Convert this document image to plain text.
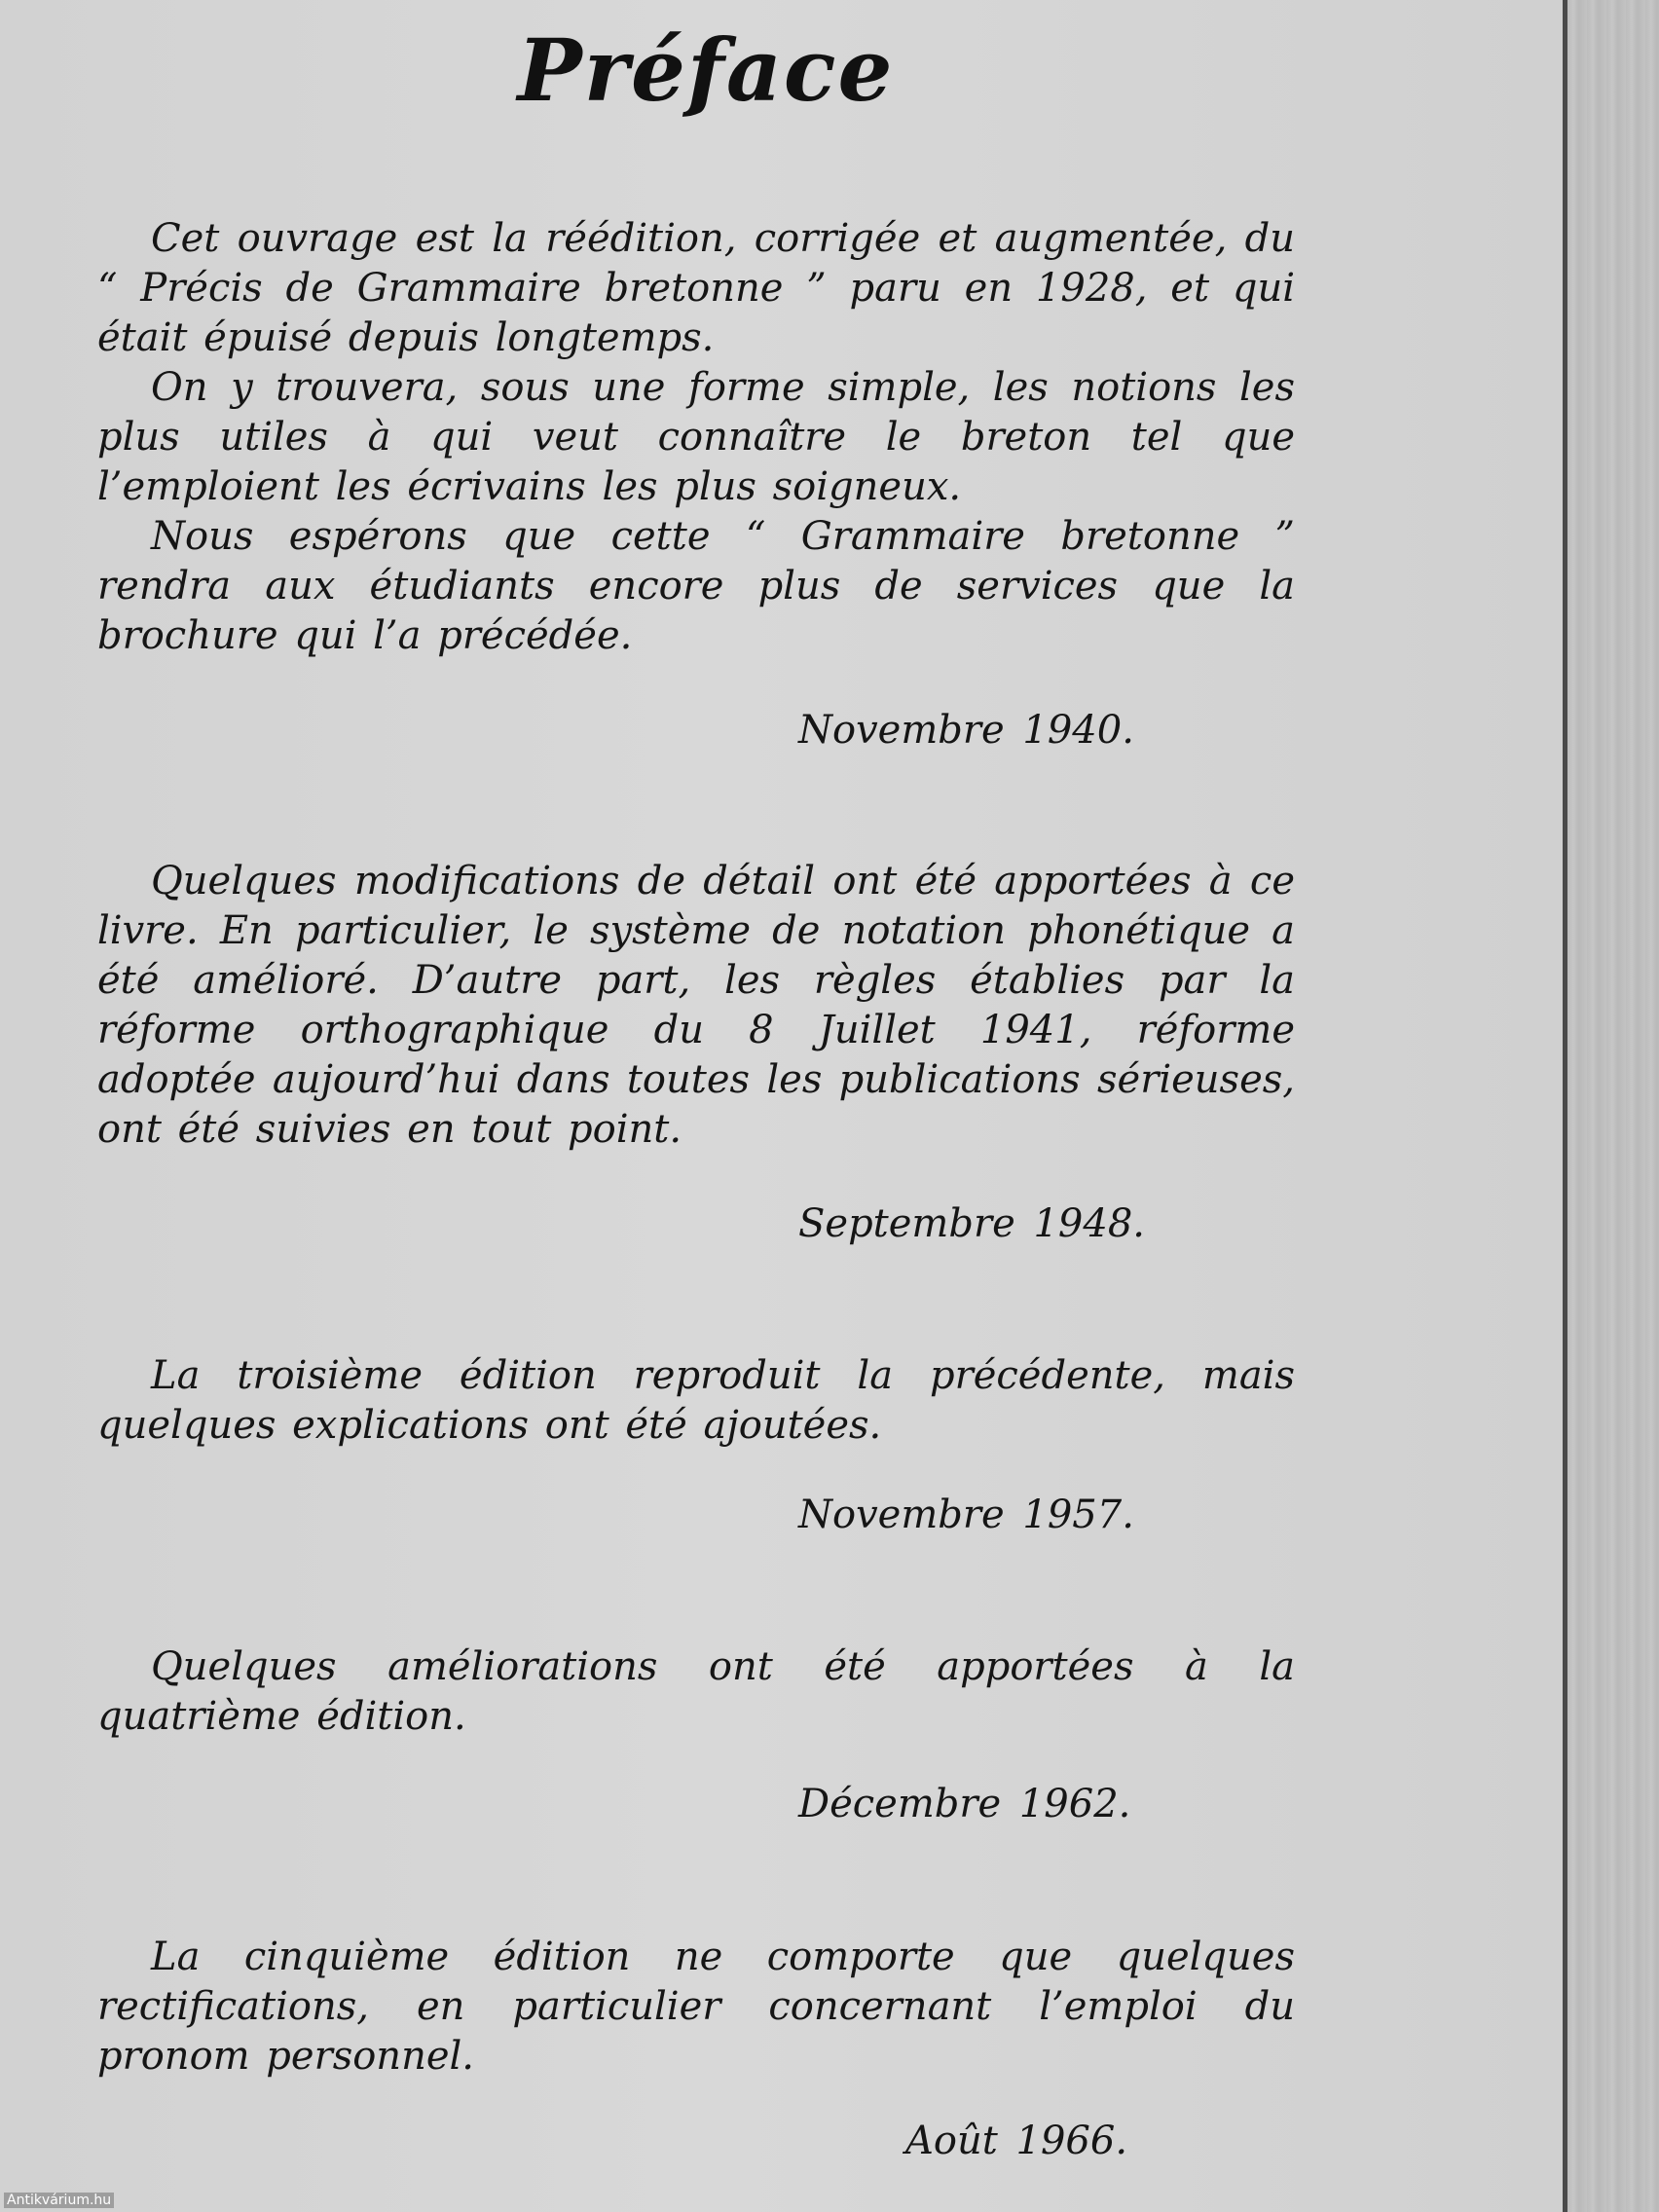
Préface

Cet ouvrage est la réédition, corrigée et augmentée, du “ Précis de Grammaire bretonne ” paru en 1928, et qui était épuisé depuis longtemps.

On y trouvera, sous une forme simple, les notions les plus utiles à qui veut connaître le breton tel que l’emploient les écrivains les plus soigneux.

Nous espérons que cette “ Grammaire bretonne ” rendra aux étudiants encore plus de services que la brochure qui l’a précédée.

Novembre 1940.

Quelques modifications de détail ont été apportées à ce livre. En particulier, le système de notation phonétique a été amélioré. D’autre part, les règles établies par la réforme orthographique du 8 Juillet 1941, réforme adoptée aujourd’hui dans toutes les publications sérieuses, ont été suivies en tout point.

Septembre 1948.

La troisième édition reproduit la précédente, mais quelques explications ont été ajoutées.

Novembre 1957.

Quelques améliorations ont été apportées à la quatrième édition.

Décembre 1962.

La cinquième édition ne comporte que quelques rectifications, en particulier concernant l’emploi du pronom personnel.

Août 1966.
Antikvárium.hu
